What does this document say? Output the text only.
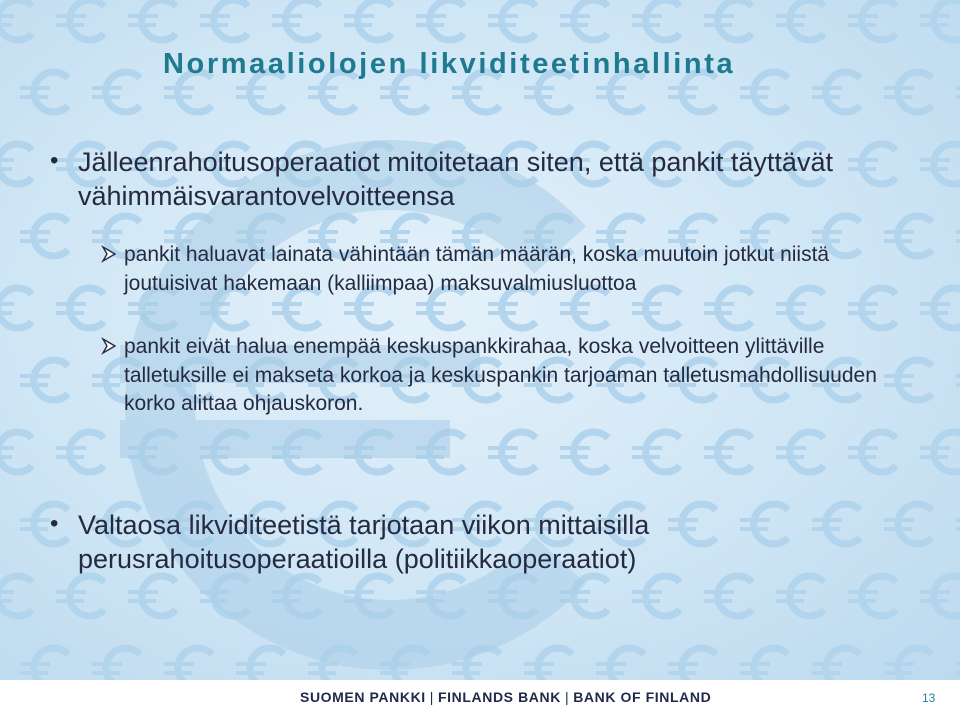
Normaaliolojen likviditeetinhallinta
• Jälleenrahoitusoperaatiot mitoitetaan siten, että pankit täyttävät vähimmäisvarantovelvoitteensa
pankit haluavat lainata vähintään tämän määrän, koska muutoin jotkut niistä joutuisivat hakemaan (kalliimpaa) maksuvalmiusluottoa
pankit eivät halua enempää keskuspankkirahaa, koska velvoitteen ylittäville talletuksille ei makseta korkoa ja keskuspankin tarjoaman talletusmahdollisuuden korko alittaa ohjauskoron.
• Valtaosa likviditeetistä tarjotaan viikon mittaisilla perusrahoitusoperaatioilla (politiikkaoperaatiot)
SUOMEN PANKKI | FINLANDS BANK | BANK OF FINLAND	13
